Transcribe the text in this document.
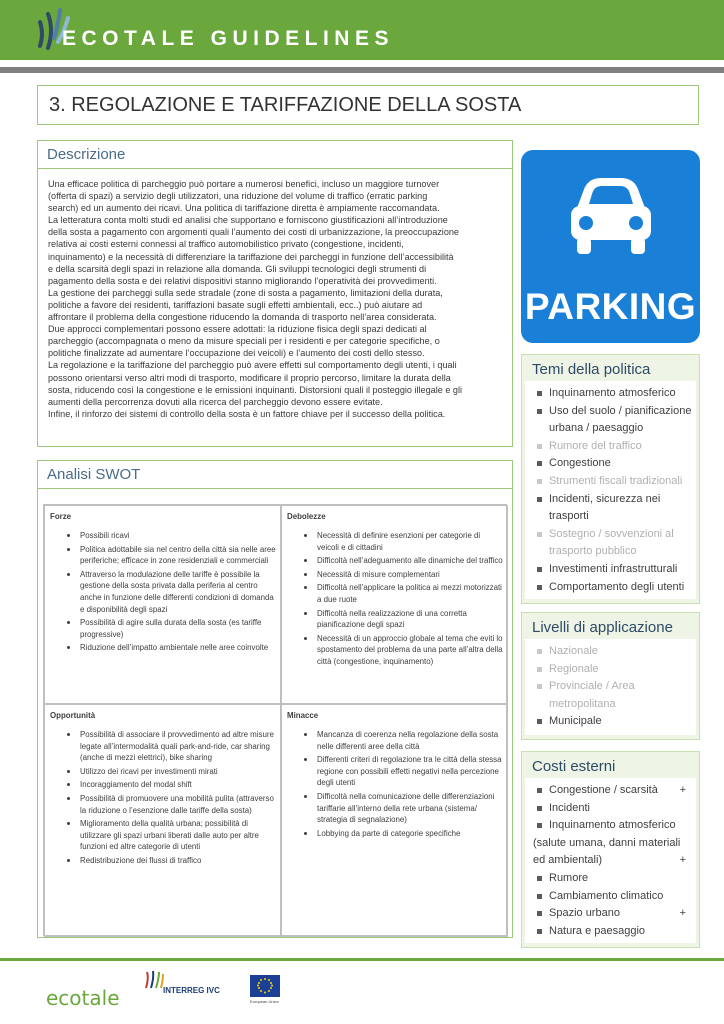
ECOTALE GUIDELINES
3. REGOLAZIONE E TARIFFAZIONE DELLA SOSTA
Descrizione
Una efficace politica di parcheggio può portare a numerosi benefici, incluso un maggiore turnover
(offerta di spazi) a servizio degli utilizzatori, una riduzione del volume di traffico (erratic parking
search) ed un aumento dei ricavi. Una politica di tariffazione diretta è ampiamente raccomandata.
La letteratura conta molti studi ed analisi che supportano e forniscono giustificazioni all’introduzione
della sosta a pagamento con argomenti quali l’aumento dei costi di urbanizzazione, la preoccupazione
relativa ai costi esterni connessi al traffico automobilistico privato (congestione, incidenti,
inquinamento) e la necessità di differenziare la tariffazione dei parcheggi in funzione dell’accessibilità
e della scarsità degli spazi in relazione alla domanda. Gli sviluppi tecnologici degli strumenti di
pagamento della sosta e dei relativi dispositivi stanno migliorando l’operatività dei provvedimenti.
La gestione dei parcheggi sulla sede stradale (zone di sosta a pagamento, limitazioni della durata,
politiche a favore dei residenti, tariffazioni basate sugli effetti ambientali, ecc..) può aiutare ad
affrontare il problema della congestione riducendo la domanda di trasporto nell’area considerata.
Due approcci complementari possono essere adottati: la riduzione fisica degli spazi dedicati al
parcheggio (accompagnata o meno da misure speciali per i residenti e per categorie specifiche, o
politiche finalizzate ad aumentare l’occupazione dei veicoli) e l’aumento dei costi dello stesso.
La regolazione e la tariffazione del parcheggio può avere effetti sul comportamento degli utenti, i quali
possono orientarsi verso altri modi di trasporto, modificare il proprio percorso, limitare la durata della
sosta, riducendo così la congestione e le emissioni inquinanti. Distorsioni quali il posteggio illegale e gli
aumenti della percorrenza dovuti alla ricerca del parcheggio devono essere evitate.
Infine, il rinforzo dei sistemi di controllo della sosta è un fattore chiave per il successo della politica.
Analisi SWOT
Forze
Possibili ricavi
Politica adottabile sia nel centro della città sia nelle aree periferiche; efficace in zone residenziali e commerciali
Attraverso la modulazione delle tariffe è possibile la gestione della sosta privata dalla periferia al centro anche in funzione delle differenti condizioni di domanda e disponibilità degli spazi
Possibilità di agire sulla durata della sosta (es tariffe progressive)
Riduzione dell’impatto ambientale nelle aree coinvolte
Debolezze
Necessità di definire esenzioni per categorie di veicoli e di cittadini
Difficoltà nell’adeguamento alle dinamiche del traffico
Necessità di misure complementari
Difficoltà nell’applicare la politica ai mezzi motorizzati a due ruote
Difficoltà nella realizzazione di una corretta pianificazione degli spazi
Necessità di un approccio globale al tema che eviti lo spostamento del problema da una parte all’altra della città (congestione, inquinamento)
Opportunità
Possibilità di associare il provvedimento ad altre misure legate all’intermodalità quali park-and-ride, car sharing (anche di mezzi elettrici), bike sharing
Utilizzo dei ricavi per investimenti mirati
Incoraggiamento del modal shift
Possibilità di promuovere una mobilità pulita (attraverso la riduzione o l’esenzione dalle tariffe della sosta)
Miglioramento della qualità urbana; possibilità di utilizzare gli spazi urbani liberati dalle auto per altre funzioni ed altre categorie di utenti
Redistribuzione dei flussi di traffico
Minacce
Mancanza di coerenza nella regolazione della sosta nelle differenti aree della città
Differenti criteri di regolazione tra le città della stessa regione con possibili effetti negativi nella percezione degli utenti
Difficoltà nella comunicazione delle differenziazioni tariffarie all’interno della rete urbana (sistema/ strategia di segnalazione)
Lobbying da parte di categorie specifiche
PARKING
Temi della politica
Inquinamento atmosferico
Uso del suolo / pianificazione urbana / paesaggio
Rumore del traffico
Congestione
Strumenti fiscali tradizionali
Incidenti, sicurezza nei trasporti
Sostegno / sovvenzioni al trasporto pubblico
Investimenti infrastrutturali
Comportamento degli utenti
Livelli di applicazione
Nazionale
Regionale
Provinciale / Area metropolitana
Municipale
Costi esterni
Congestione / scarsità +
Incidenti
Inquinamento atmosferico
(salute umana, danni materiali
ed ambientali)	+
Rumore
Cambiamento climatico
Spazio urbano	+
Natura e paesaggio
ecotale	INTERREG IVC
European Union
